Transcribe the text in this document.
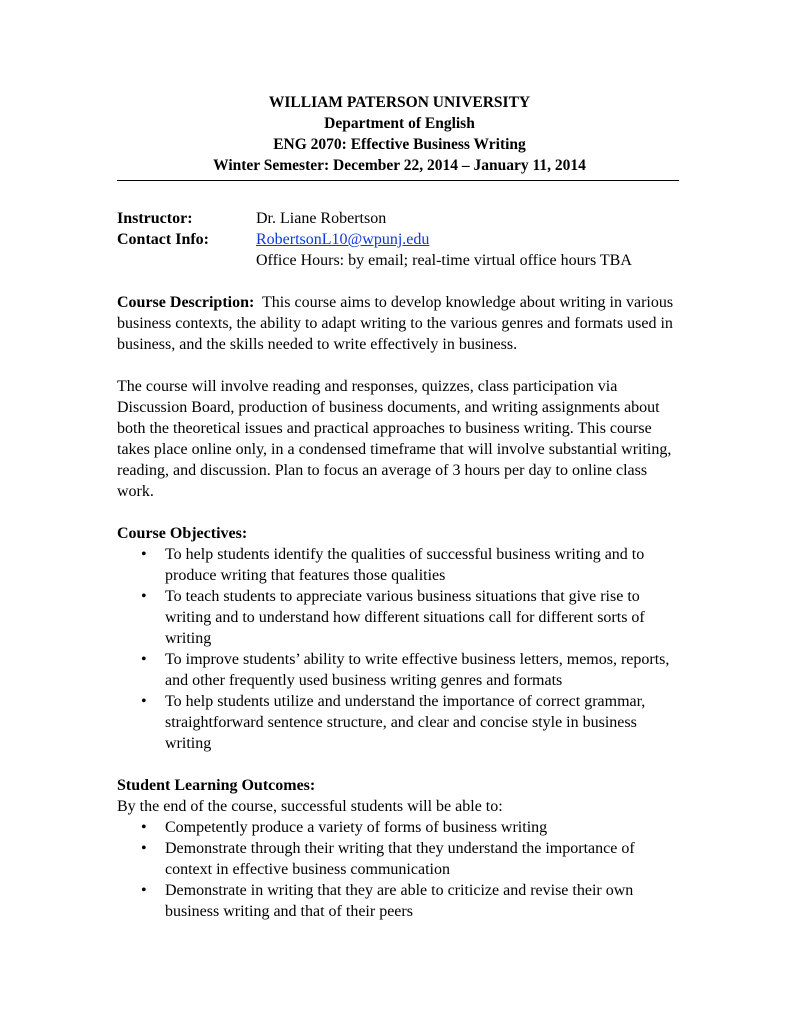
WILLIAM PATERSON UNIVERSITY
Department of English
ENG 2070: Effective Business Writing
Winter Semester: December 22, 2014 – January 11, 2014
Instructor:	Dr. Liane Robertson
Contact Info:	RobertsonL10@wpunj.edu
Office Hours: by email; real-time virtual office hours TBA

Course Description: This course aims to develop knowledge about writing in various business contexts, the ability to adapt writing to the various genres and formats used in business, and the skills needed to write effectively in business.

The course will involve reading and responses, quizzes, class participation via Discussion Board, production of business documents, and writing assignments about both the theoretical issues and practical approaches to business writing. This course takes place online only, in a condensed timeframe that will involve substantial writing, reading, and discussion. Plan to focus an average of 3 hours per day to online class work.

Course Objectives:

• To help students identify the qualities of successful business writing and to produce writing that features those qualities
• To teach students to appreciate various business situations that give rise to writing and to understand how different situations call for different sorts of writing
• To improve students’ ability to write effective business letters, memos, reports, and other frequently used business writing genres and formats
• To help students utilize and understand the importance of correct grammar, straightforward sentence structure, and clear and concise style in business writing

Student Learning Outcomes:

By the end of the course, successful students will be able to:

• Competently produce a variety of forms of business writing
• Demonstrate through their writing that they understand the importance of context in effective business communication
• Demonstrate in writing that they are able to criticize and revise their own business writing and that of their peers
